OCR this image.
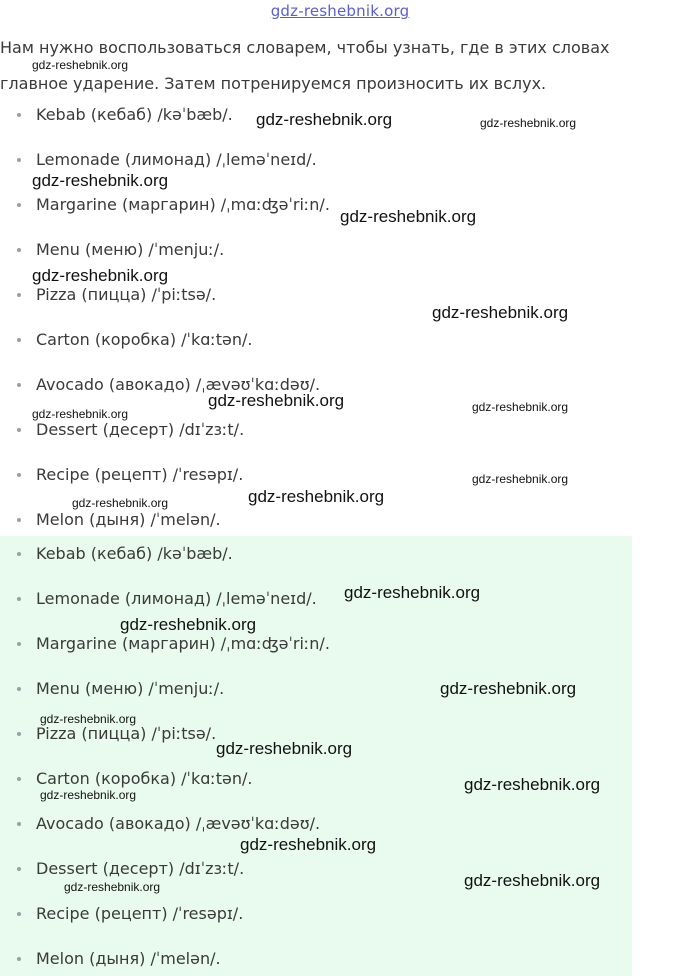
gdz-reshebnik.org
Нам нужно воспользоваться словарем, чтобы узнать, где в этих словах главное ударение. Затем потренируемся произносить их вслух.
Kebab (кебаб) /kəˈbæb/.
Lemonade (лимонад) /ˌleməˈneɪd/.
Margarine (маргарин) /ˌmɑːʤəˈriːn/.
Menu (меню) /ˈmenjuː/.
Pizza (пицца) /ˈpiːtsə/.
Carton (коробка) /ˈkɑːtən/.
Avocado (авокадо) /ˌævəʊˈkɑːdəʊ/.
Dessert (десерт) /dɪˈzɜːt/.
Recipe (рецепт) /ˈresəpɪ/.
Melon (дыня) /ˈmelən/.
Kebab (кебаб) /kəˈbæb/.
Lemonade (лимонад) /ˌleməˈneɪd/.
Margarine (маргарин) /ˌmɑːʤəˈriːn/.
Menu (меню) /ˈmenjuː/.
Pizza (пицца) /ˈpiːtsə/.
Carton (коробка) /ˈkɑːtən/.
Avocado (авокадо) /ˌævəʊˈkɑːdəʊ/.
Dessert (десерт) /dɪˈzɜːt/.
Recipe (рецепт) /ˈresəpɪ/.
Melon (дыня) /ˈmelən/.
gdz-reshebnik.org
gdz-reshebnik.org	gdz-reshebnik.org
gdz-reshebnik.org
gdz-reshebnik.org
gdz-reshebnik.org
gdz-reshebnik.org
gdz-reshebnik.org
gdz-reshebnik.org	gdz-reshebnik.org
gdz-reshebnik.org
gdz-reshebnik.org
gdz-reshebnik.org
gdz-reshebnik.org
gdz-reshebnik.org
gdz-reshebnik.org
gdz-reshebnik.org
gdz-reshebnik.org
gdz-reshebnik.org
gdz-reshebnik.org
gdz-reshebnik.org
gdz-reshebnik.org
gdz-reshebnik.org
